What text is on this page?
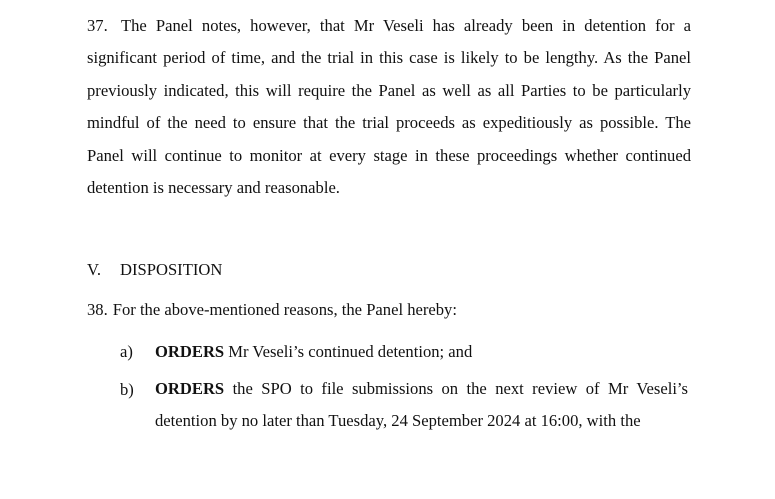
37. The Panel notes, however, that Mr Veseli has already been in detention for a significant period of time, and the trial in this case is likely to be lengthy. As the Panel previously indicated, this will require the Panel as well as all Parties to be particularly mindful of the need to ensure that the trial proceeds as expeditiously as possible. The Panel will continue to monitor at every stage in these proceedings whether continued detention is necessary and reasonable.

V. DISPOSITION

38. For the above-mentioned reasons, the Panel hereby:

a) ORDERS Mr Veseli’s continued detention; and
b) ORDERS the SPO to file submissions on the next review of Mr Veseli’s detention by no later than Tuesday, 24 September 2024 at 16:00, with the
